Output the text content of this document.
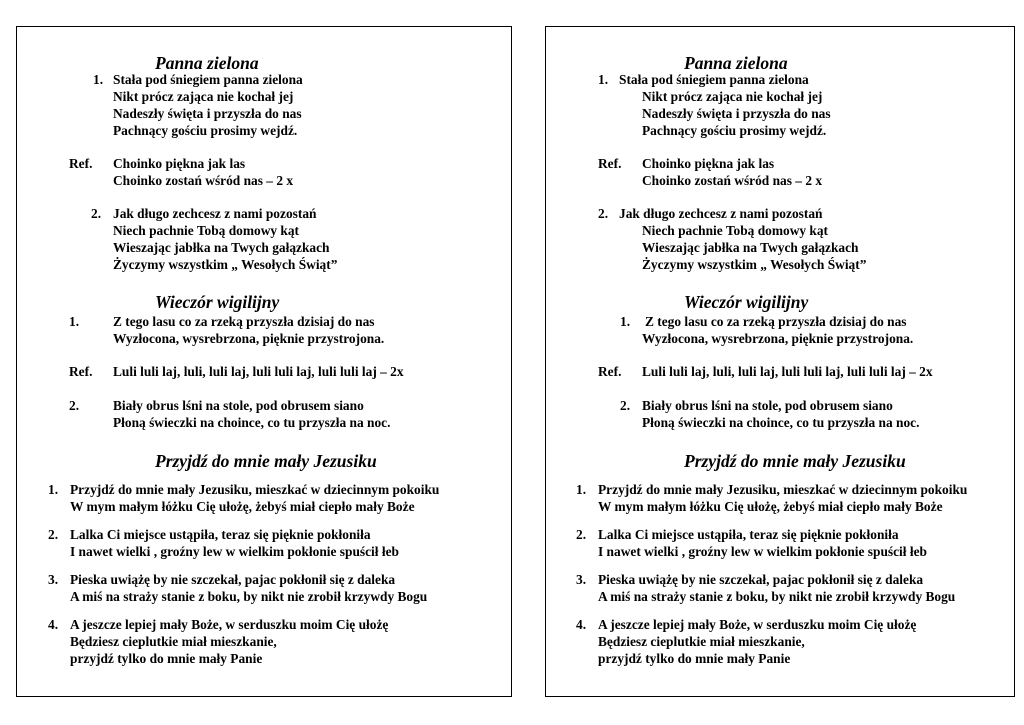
Panna zielona
1. Stała pod śniegiem panna zielona
Nikt prócz zająca nie kochał jej
Nadeszły święta i przyszła do nas
Pachnący gościu prosimy wejdź.
Ref. Choinko piękna jak las
Choinko zostań wśród nas – 2 x
2. Jak długo zechcesz z nami pozostań
Niech pachnie Tobą domowy kąt
Wieszając jabłka na Twych gałązkach
Życzymy wszystkim „ Wesołych Świąt”
Wieczór wigilijny
1.	Z tego lasu co za rzeką przyszła dzisiaj do nas
Wyzłocona, wysrebrzona, pięknie przystrojona.
Ref. Luli luli laj, luli, luli laj, luli luli laj, luli luli laj – 2x
2.	Biały obrus lśni na stole, pod obrusem siano
Płoną świeczki na choince, co tu przyszła na noc.
Przyjdź do mnie mały Jezusiku
1. Przyjdź do mnie mały Jezusiku, mieszkać w dziecinnym pokoiku
W mym małym łóżku Cię ułożę, żebyś miał ciepło mały Boże
2. Lalka Ci miejsce ustąpiła, teraz się pięknie pokłoniła
I nawet wielki , groźny lew w wielkim pokłonie spuścił łeb
3. Pieska uwiążę by nie szczekał, pajac pokłonił się z daleka
A miś na straży stanie z boku, by nikt nie zrobił krzywdy Bogu
4. A jeszcze lepiej mały Boże, w serduszku moim Cię ułożę
Będziesz cieplutkie miał mieszkanie,
przyjdź tylko do mnie mały Panie
Panna zielona
1. Stała pod śniegiem panna zielona
Nikt prócz zająca nie kochał jej
Nadeszły święta i przyszła do nas
Pachnący gościu prosimy wejdź.
Ref. Choinko piękna jak las
Choinko zostań wśród nas – 2 x
2. Jak długo zechcesz z nami pozostań
Niech pachnie Tobą domowy kąt
Wieszając jabłka na Twych gałązkach
Życzymy wszystkim „ Wesołych Świąt”
Wieczór wigilijny
1. Z tego lasu co za rzeką przyszła dzisiaj do nas
Wyzłocona, wysrebrzona, pięknie przystrojona.
Ref. Luli luli laj, luli, luli laj, luli luli laj, luli luli laj – 2x
2. Biały obrus lśni na stole, pod obrusem siano
Płoną świeczki na choince, co tu przyszła na noc.
Przyjdź do mnie mały Jezusiku
1. Przyjdź do mnie mały Jezusiku, mieszkać w dziecinnym pokoiku
W mym małym łóżku Cię ułożę, żebyś miał ciepło mały Boże
2. Lalka Ci miejsce ustąpiła, teraz się pięknie pokłoniła
I nawet wielki , groźny lew w wielkim pokłonie spuścił łeb
3. Pieska uwiążę by nie szczekał, pajac pokłonił się z daleka
A miś na straży stanie z boku, by nikt nie zrobił krzywdy Bogu
4. A jeszcze lepiej mały Boże, w serduszku moim Cię ułożę
Będziesz cieplutkie miał mieszkanie,
przyjdź tylko do mnie mały Panie
